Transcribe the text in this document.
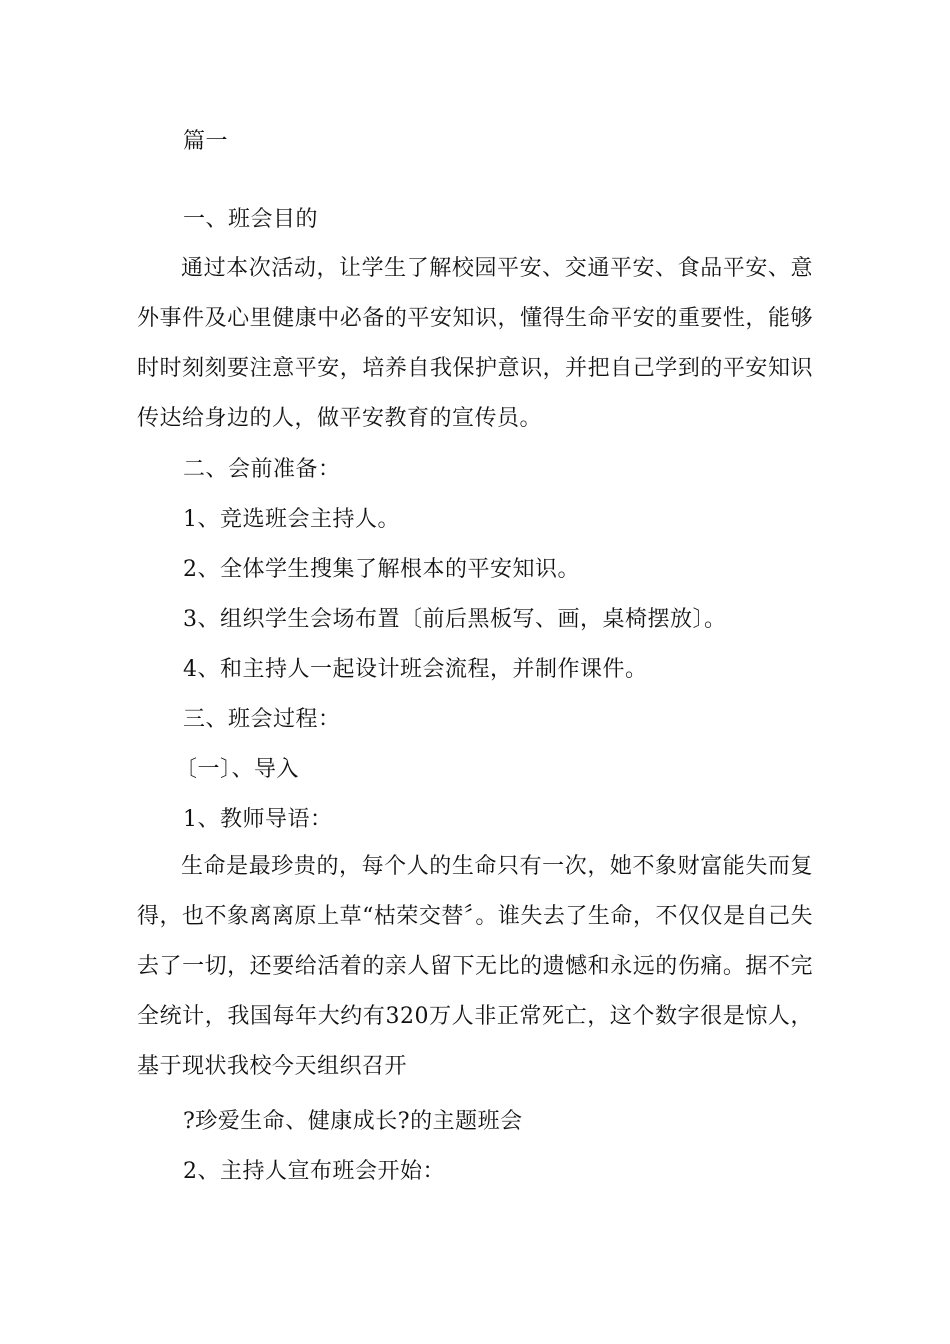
篇一
一、班会目的

通过本次活动，让学生了解校园平安、交通平安、食品平安、意外事件及心里健康中必备的平安知识，懂得生命平安的重要性，能够时时刻刻要注意平安，培养自我保护意识，并把自己学到的平安知识传达给身边的人，做平安教育的宣传员。

二、会前准备：
1、竞选班会主持人。
2、全体学生搜集了解根本的平安知识。
3、组织学生会场布置〔前后黑板写、画，桌椅摆放〕。
4、和主持人一起设计班会流程，并制作课件。
三、班会过程：
〔一〕、导入
1、教师导语：

生命是最珍贵的，每个人的生命只有一次，她不象财富能失而复得，也不象离离原上草“枯荣交替〞。谁失去了生命，不仅仅是自己失去了一切，还要给活着的亲人留下无比的遗憾和永远的伤痛。据不完全统计，我国每年大约有320万人非正常死亡，这个数字很是惊人，基于现状我校今天组织召开

?珍爱生命、健康成长?的主题班会
2、主持人宣布班会开始：
